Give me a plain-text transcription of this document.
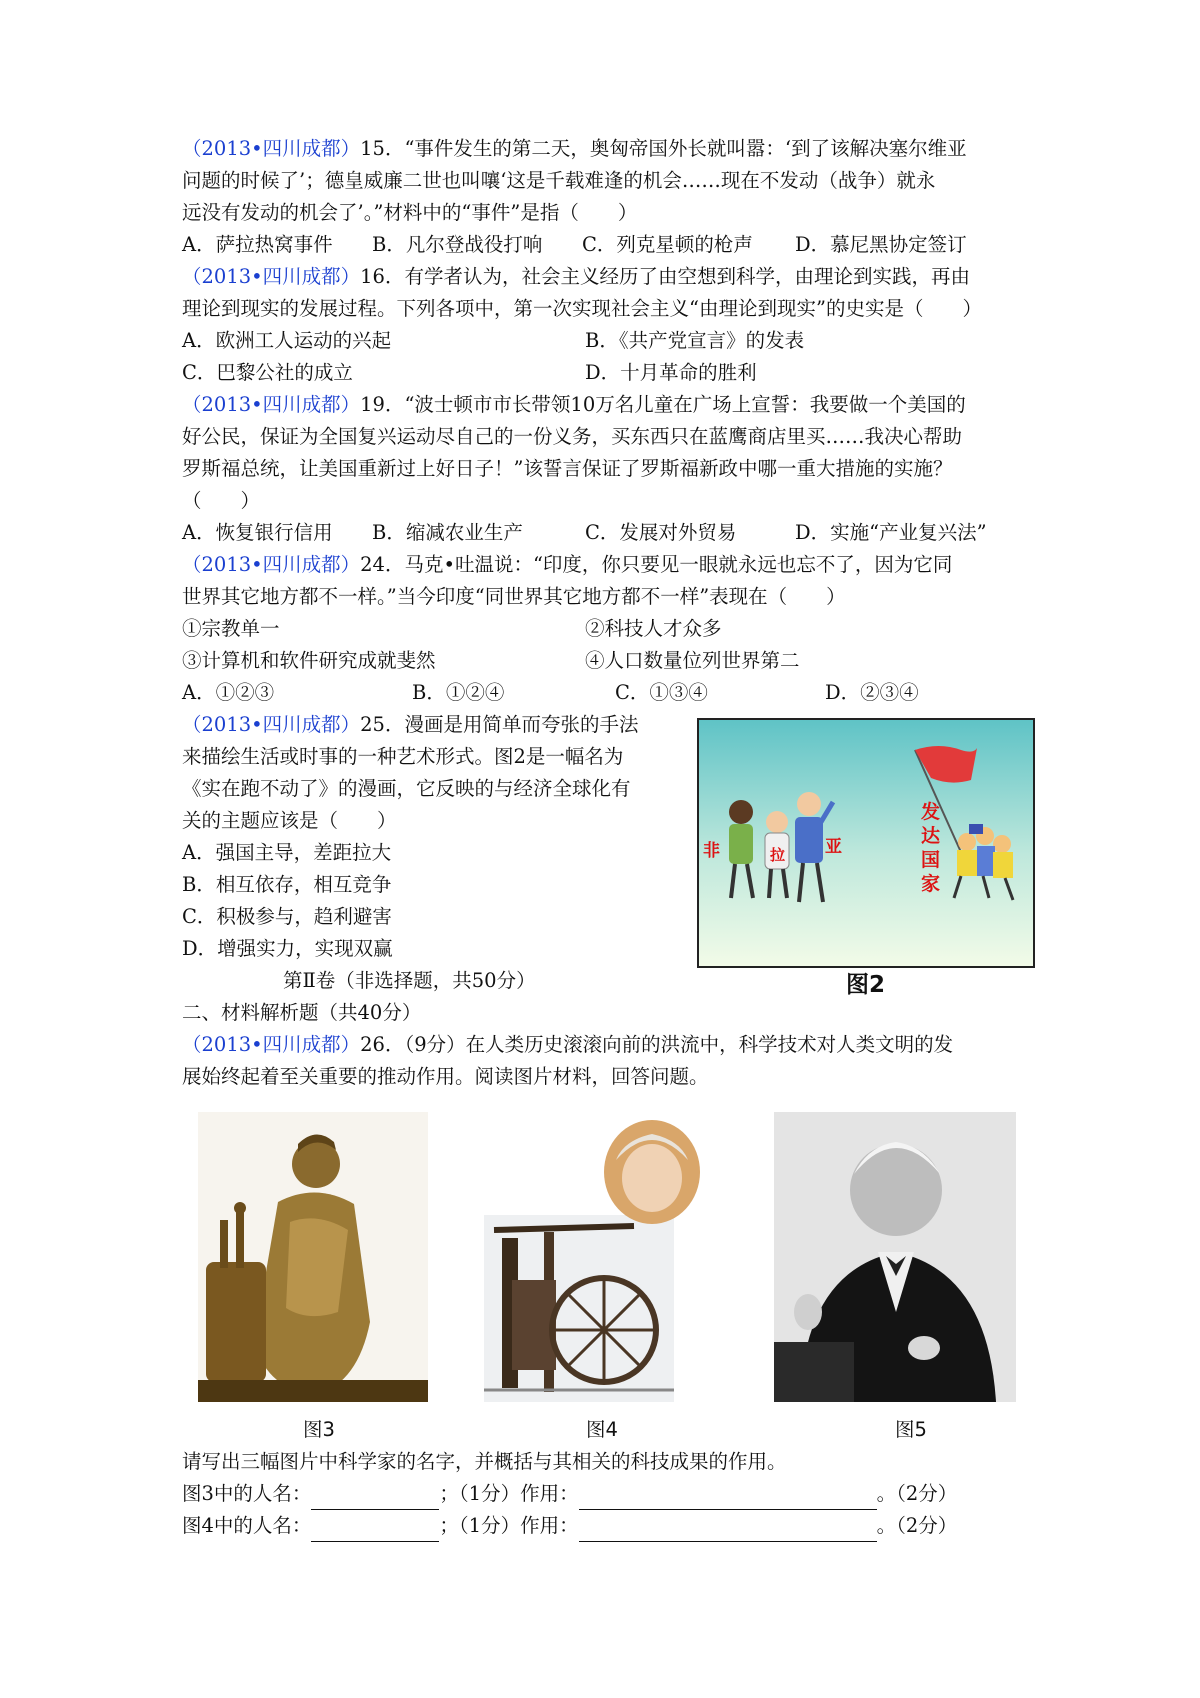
（2013•四川成都）15．“事件发生的第二天，奥匈帝国外长就叫嚣：‘到了该解决塞尔维亚
问题的时候了’；德皇威廉二世也叫嚷‘这是千载难逢的机会……现在不发动（战争）就永
远没有发动的机会了’。”材料中的“事件”是指（　　）
A．萨拉热窝事件 B．凡尔登战役打响 C．列克星顿的枪声 D．慕尼黑协定签订
（2013•四川成都）16．有学者认为，社会主义经历了由空想到科学，由理论到实践，再由
理论到现实的发展过程。下列各项中，第一次实现社会主义“由理论到现实”的史实是（　　）
A．欧洲工人运动的兴起	B．《共产党宣言》的发表
C．巴黎公社的成立	D．十月革命的胜利
（2013•四川成都）19．“波士顿市市长带领10万名儿童在广场上宣誓：我要做一个美国的
好公民，保证为全国复兴运动尽自己的一份义务，买东西只在蓝鹰商店里买……我决心帮助
罗斯福总统，让美国重新过上好日子！”该誓言保证了罗斯福新政中哪一重大措施的实施？
（　　）
A．恢复银行信用 B．缩减农业生产	C．发展对外贸易	D．实施“产业复兴法”
（2013•四川成都）24．马克•吐温说：“印度，你只要见一眼就永远也忘不了，因为它同
世界其它地方都不一样。”当今印度“同世界其它地方都不一样”表现在（　　）
①宗教单一	②科技人才众多
③计算机和软件研究成就斐然	④人口数量位列世界第二
A．①②③	B．①②④	C．①③④	D．②③④
（2013•四川成都）25．漫画是用简单而夸张的手法
来描绘生活或时事的一种艺术形式。图2是一幅名为
《实在跑不动了》的漫画，它反映的与经济全球化有
关的主题应该是（　　）
A．强国主导，差距拉大
B．相互依存，相互竞争
C．积极参与，趋利避害
D．增强实力，实现双赢
发
达
国
家
非	拉 亚
图2
第Ⅱ卷（非选择题，共50分）
二、材料解析题（共40分）
（2013•四川成都）26．（9分）在人类历史滚滚向前的洪流中，科学技术对人类文明的发
展始终起着至关重要的推动作用。阅读图片材料，回答问题。
图3	图4	图5
请写出三幅图片中科学家的名字，并概括与其相关的科技成果的作用。
图3中的人名：	；（1分）作用：	。（2分）
图4中的人名：	；（1分）作用：	。（2分）
